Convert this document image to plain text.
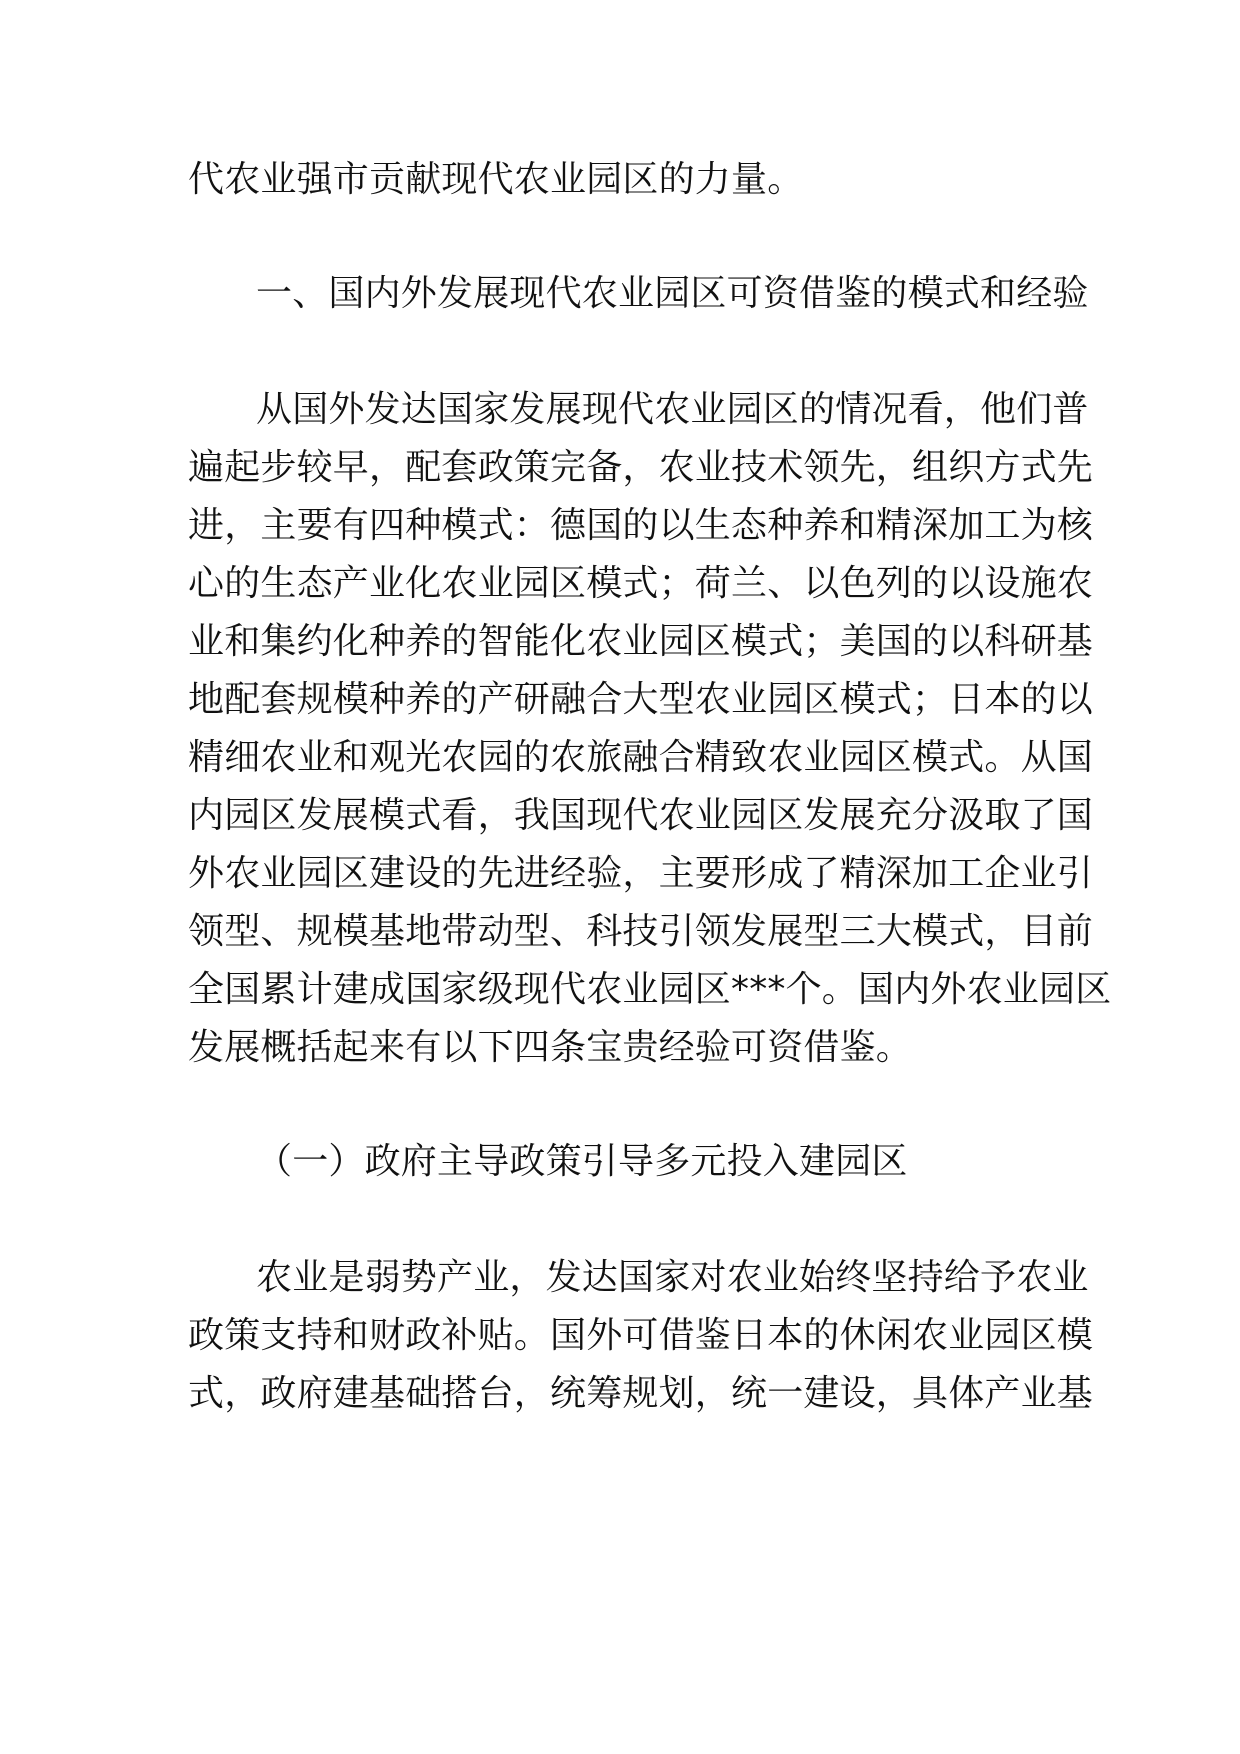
代农业强市贡献现代农业园区的力量。
一、国内外发展现代农业园区可资借鉴的模式和经验
从国外发达国家发展现代农业园区的情况看，他们普
遍起步较早，配套政策完备，农业技术领先，组织方式先
进，主要有四种模式：德国的以生态种养和精深加工为核
心的生态产业化农业园区模式；荷兰、以色列的以设施农
业和集约化种养的智能化农业园区模式；美国的以科研基
地配套规模种养的产研融合大型农业园区模式；日本的以
精细农业和观光农园的农旅融合精致农业园区模式。从国
内园区发展模式看，我国现代农业园区发展充分汲取了国
外农业园区建设的先进经验，主要形成了精深加工企业引
领型、规模基地带动型、科技引领发展型三大模式，目前
全国累计建成国家级现代农业园区***个。国内外农业园区
发展概括起来有以下四条宝贵经验可资借鉴。
（一）政府主导政策引导多元投入建园区
农业是弱势产业，发达国家对农业始终坚持给予农业
政策支持和财政补贴。国外可借鉴日本的休闲农业园区模
式，政府建基础搭台，统筹规划，统一建设，具体产业基
